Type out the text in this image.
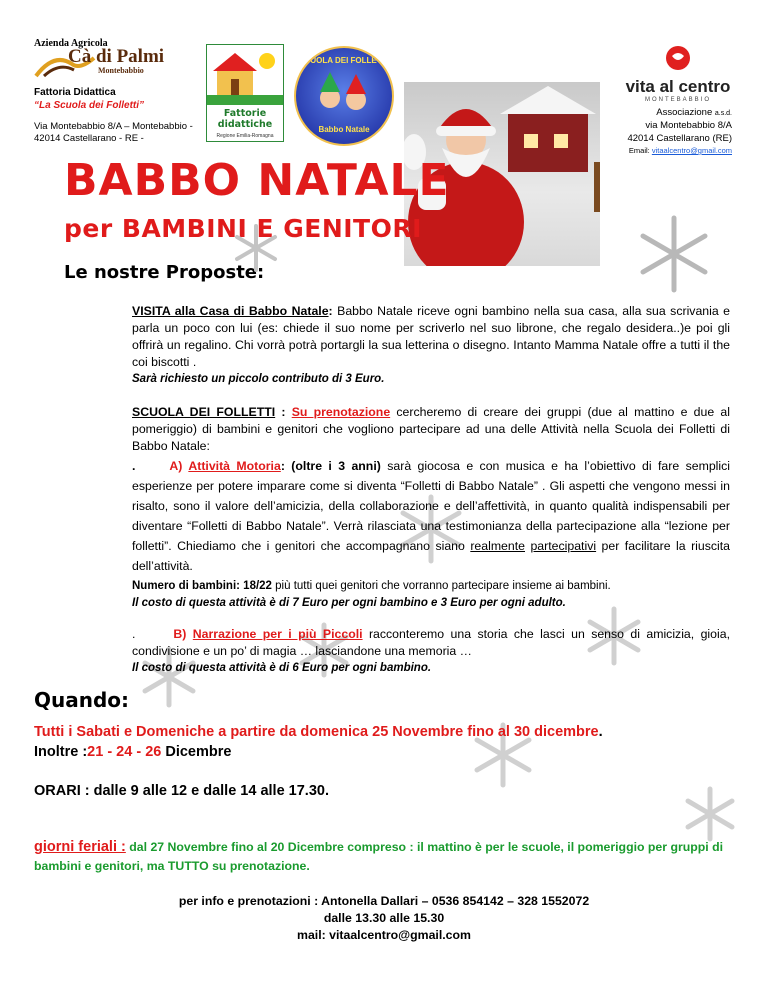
Azienda Agricola
Cà di Palmi
Montebabbio
Fattoria Didattica
“La Scuola dei Folletti”
Via Montebabbio 8/A – Montebabbio -
42014 Castellarano - RE -
Fattorie didattiche
Regione Emilia-Romagna
SCUOLA DEI FOLLETTI
Babbo Natale
vita al centro
MONTEBABBIO
Associazione a.s.d.
via Montebabbio 8/A
42014 Castellarano (RE)
Email: vitaalcentro@gmail.com
BABBO NATALE
per BAMBINI E GENITORI
Le nostre Proposte:
VISITA alla Casa di Babbo Natale: Babbo Natale riceve ogni bambino nella sua casa, alla sua scrivania e parla un poco con lui (es: chiede il suo nome per scriverlo nel suo librone, che regalo desidera..)e poi gli offrirà un regalino. Chi vorrà potrà portargli la sua letterina o disegno. Intanto Mamma Natale offre a tutti il the coi biscotti .
Sarà richiesto un piccolo contributo di 3 Euro.
SCUOLA DEI FOLLETTI : Su prenotazione cercheremo di creare dei gruppi (due al mattino e due al pomeriggio) di bambini e genitori che vogliono partecipare ad una delle Attività nella Scuola dei Folletti di Babbo Natale:
.	A) Attività Motoria: (oltre i 3 anni) sarà giocosa e con musica e ha l’obiettivo di fare semplici esperienze per potere imparare come si diventa “Folletti di Babbo Natale” . Gli aspetti che vengono messi in risalto, sono il valore dell’amicizia, della collaborazione e dell’affettività, in quanto qualità indispensabili per diventare “Folletti di Babbo Natale”. Verrà rilasciata una testimonianza della partecipazione alla “lezione per folletti”. Chiediamo che i genitori che accompagnano siano realmente partecipativi per facilitare la riuscita dell’attività.
Numero di bambini: 18/22 più tutti quei genitori che vorranno partecipare insieme ai bambini.
Il costo di questa attività è di 7 Euro per ogni bambino e 3 Euro per ogni adulto.
.	B) Narrazione per i più Piccoli racconteremo una storia che lasci un senso di amicizia, gioia, condivisione e un po’ di magia … lasciandone una memoria …
Il costo di questa attività è di 6 Euro per ogni bambino.
Quando:
Tutti i Sabati e Domeniche a partire da domenica 25 Novembre fino al 30 dicembre.
Inoltre :21 - 24 - 26 Dicembre
ORARI : dalle 9 alle 12 e dalle 14 alle 17.30.
giorni feriali : dal 27 Novembre fino al 20 Dicembre compreso : il mattino è per le scuole, il pomeriggio per gruppi di bambini e genitori, ma TUTTO su prenotazione.
per info e prenotazioni : Antonella Dallari – 0536 854142 – 328 1552072
dalle 13.30 alle 15.30
mail: vitaalcentro@gmail.com
